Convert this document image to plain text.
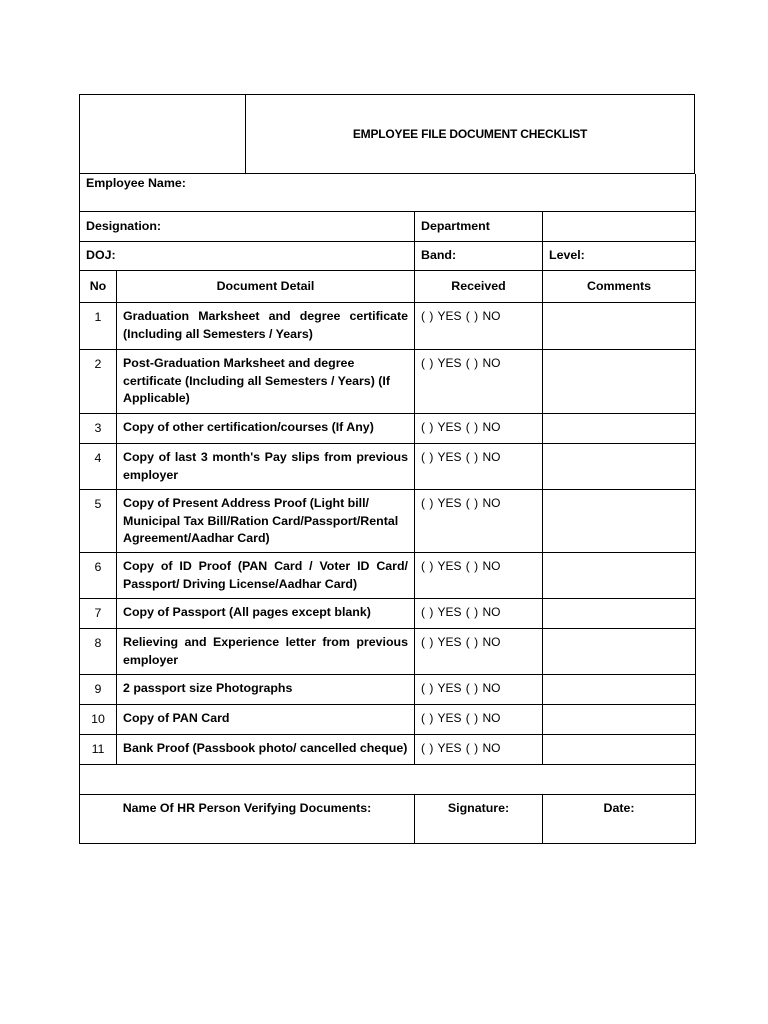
EMPLOYEE FILE DOCUMENT CHECKLIST
Employee Name:			
Designation:		Department	
DOJ:		Band:	Level:
No	Document Detail	Received	Comments
1	Graduation Marksheet and degree certificate (Including all Semesters / Years)	( ) YES ( ) NO	
2	Post-Graduation Marksheet and degree certificate (Including all Semesters / Years) (If Applicable)	( ) YES ( ) NO	
3	Copy of other certification/courses (If Any)	( ) YES ( ) NO	
4	Copy of last 3 month's Pay slips from previous employer	( ) YES ( ) NO	
5	Copy of Present Address Proof (Light bill/ Municipal Tax Bill/Ration Card/Passport/Rental Agreement/Aadhar Card)	( ) YES ( ) NO	
6	Copy of ID Proof (PAN Card / Voter ID Card/ Passport/ Driving License/Aadhar Card)	( ) YES ( ) NO	
7	Copy of Passport (All pages except blank)	( ) YES ( ) NO	
8	Relieving and Experience letter from previous employer	( ) YES ( ) NO	
9	2 passport size Photographs	( ) YES ( ) NO	
10	Copy of PAN Card	( ) YES ( ) NO	
11	Bank Proof (Passbook photo/ cancelled cheque)	( ) YES ( ) NO	

Name Of HR Person Verifying Documents:		Signature:	Date:
